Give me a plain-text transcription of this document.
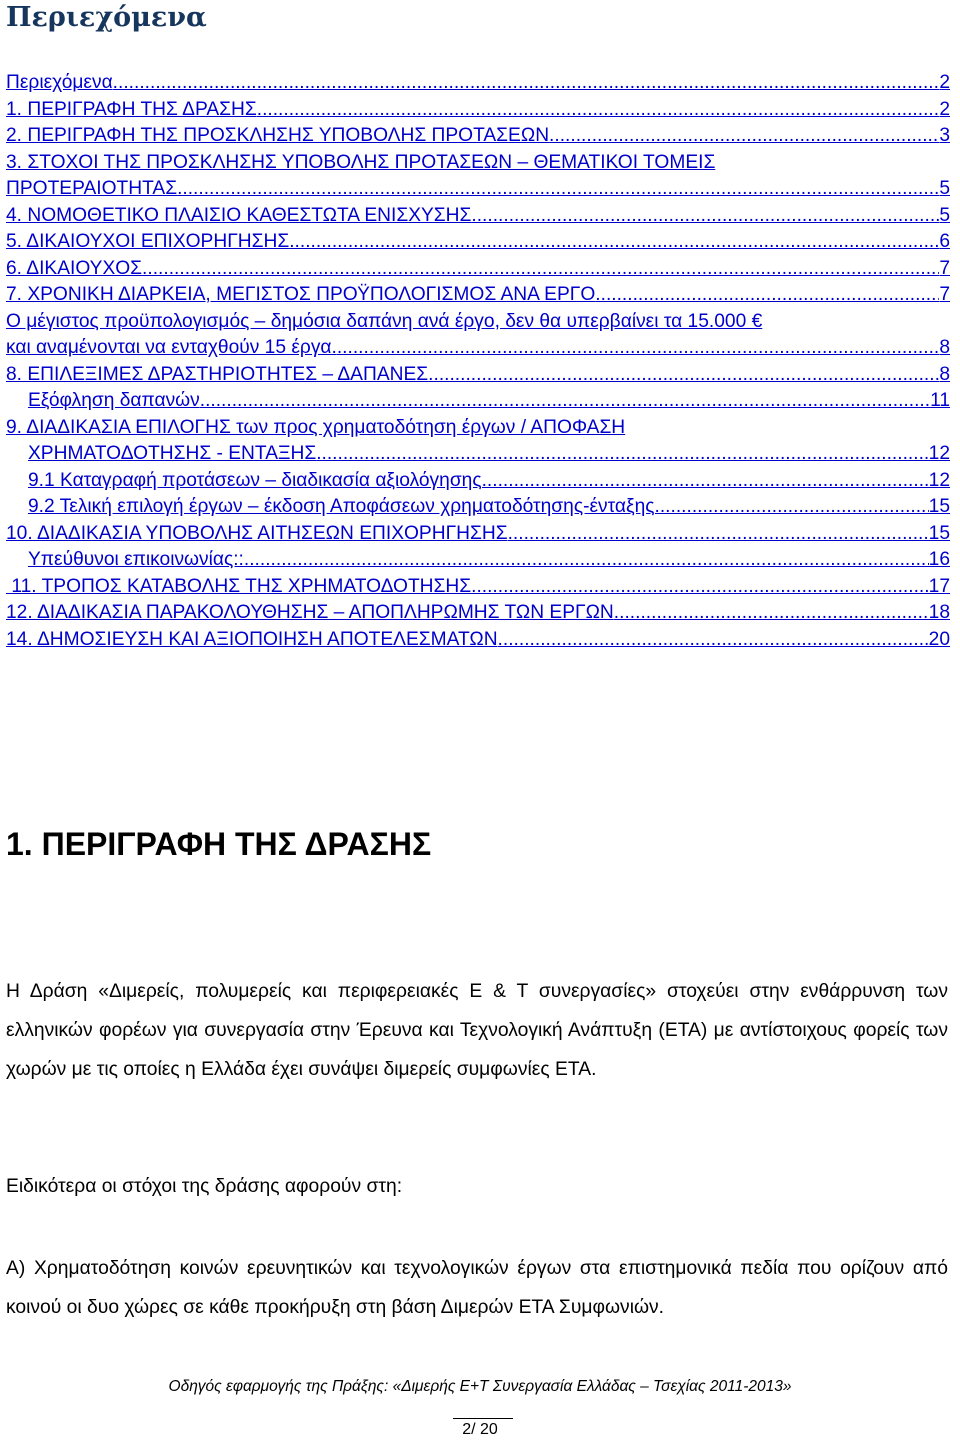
Περιεχόμενα
Περιεχόμενα .....	2
1. ΠΕΡΙΓΡΑΦΗ ΤΗΣ ΔΡΑΣΗΣ .....	2
2. ΠΕΡΙΓΡΑΦΗ ΤΗΣ ΠΡΟΣΚΛΗΣΗΣ ΥΠΟΒΟΛΗΣ ΠΡΟΤΑΣΕΩΝ .....	3
3. ΣΤΟΧΟΙ ΤΗΣ ΠΡΟΣΚΛΗΣΗΣ ΥΠΟΒΟΛΗΣ ΠΡΟΤΑΣΕΩΝ – ΘΕΜΑΤΙΚΟΙ ΤΟΜΕΙΣ
ΠΡΟΤΕΡΑΙΟΤΗΤΑΣ .....	5
4. ΝΟΜΟΘΕΤΙΚΟ ΠΛΑΙΣΙΟ ΚΑΘΕΣΤΩΤΑ ΕΝΙΣΧΥΣΗΣ .....	5
5. ΔΙΚΑΙΟΥΧΟΙ ΕΠΙΧΟΡΗΓΗΣΗΣ .....	6
6. ΔΙΚΑΙΟΥΧΟΣ .....	7
7. ΧΡΟΝΙΚΗ ΔΙΑΡΚΕΙΑ, ΜΕΓΙΣΤΟΣ ΠΡΟΫΠΟΛΟΓΙΣΜΟΣ ΑΝΑ ΕΡΓΟ .....	7
Ο μέγιστος προϋπολογισμός – δημόσια δαπάνη ανά έργο, δεν θα υπερβαίνει τα 15.000 €
και αναμένονται να ενταχθούν 15 έργα. .....	8
8. ΕΠΙΛΕΞΙΜΕΣ ΔΡΑΣΤΗΡΙΟΤΗΤΕΣ – ΔΑΠΑΝΕΣ .....	8
Εξόφληση δαπανών .....	11
9. ΔΙΑΔΙΚΑΣΙΑ ΕΠΙΛΟΓΗΣ των προς χρηματοδότηση έργων / ΑΠΟΦΑΣΗ
ΧΡΗΜΑΤΟΔΟΤΗΣΗΣ - ΕΝΤΑΞΗΣ .....	12
9.1 Καταγραφή προτάσεων – διαδικασία αξιολόγησης .....	12
9.2 Τελική επιλογή έργων – έκδοση Αποφάσεων χρηματοδότησης-ένταξης .....	15
10. ΔΙΑΔΙΚΑΣΙΑ ΥΠΟΒΟΛΗΣ ΑΙΤΗΣΕΩΝ ΕΠΙΧΟΡΗΓΗΣΗΣ .....	15
Υπεύθυνοι επικοινωνίας:: .....	16
11. ΤΡΟΠΟΣ ΚΑΤΑΒΟΛΗΣ ΤΗΣ ΧΡΗΜΑΤΟΔΟΤΗΣΗΣ .....	17
12. ΔΙΑΔΙΚΑΣΙΑ ΠΑΡΑΚΟΛΟΥΘΗΣΗΣ – ΑΠΟΠΛΗΡΩΜΗΣ ΤΩΝ ΕΡΓΩΝ .....	18
14. ΔΗΜΟΣΙΕΥΣΗ ΚΑΙ ΑΞΙΟΠΟΙΗΣΗ ΑΠΟΤΕΛΕΣΜΑΤΩΝ .....	20
1. ΠΕΡΙΓΡΑΦΗ ΤΗΣ ΔΡΑΣΗΣ

Η Δράση «Διμερείς, πολυμερείς και περιφερειακές Ε & Τ συνεργασίες» στοχεύει στην ενθάρρυνση των ελληνικών φορέων για συνεργασία στην Έρευνα και Τεχνολογική Ανάπτυξη (ΕΤΑ) με αντίστοιχους φορείς των χωρών με τις οποίες η Ελλάδα έχει συνάψει διμερείς συμφωνίες ΕΤΑ.

Ειδικότερα οι στόχοι της δράσης αφορούν στη:

Α) Χρηματοδότηση κοινών ερευνητικών και τεχνολογικών έργων στα επιστημονικά πεδία που ορίζουν από κοινού οι δυο χώρες σε κάθε προκήρυξη στη βάση Διμερών ΕΤΑ Συμφωνιών.

Οδηγός εφαρμογής της Πράξης: «Διμερής Ε+Τ Συνεργασία Ελλάδας – Τσεχίας 2011-2013»
2/ 20
